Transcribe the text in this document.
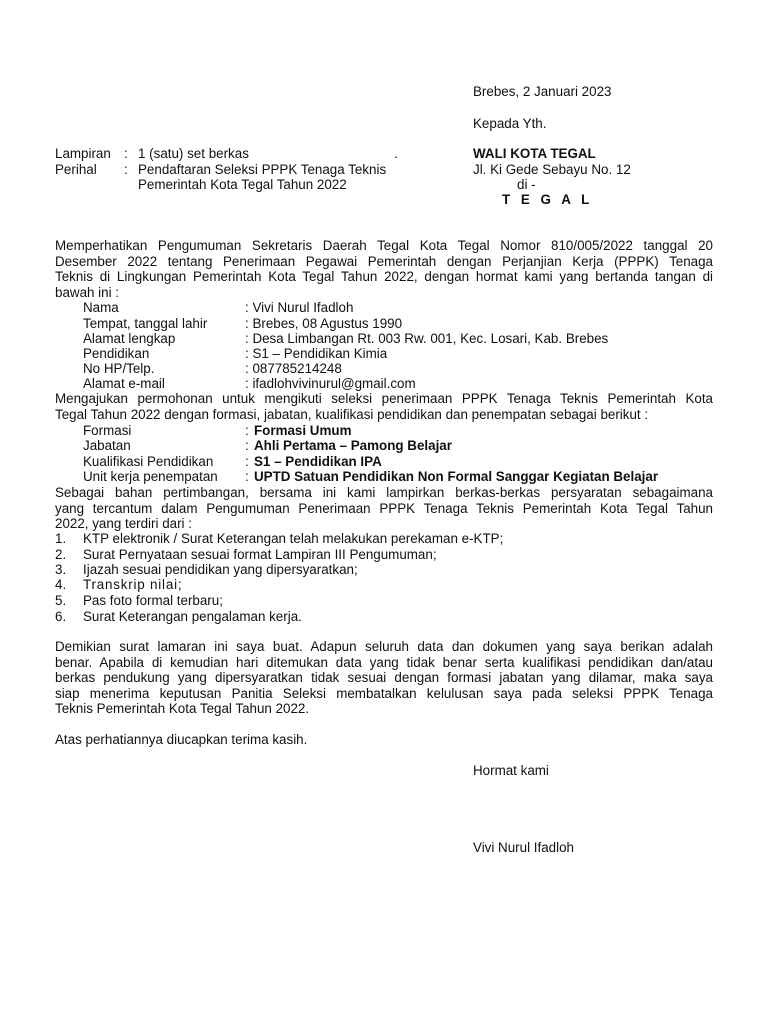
Brebes, 2 Januari 2023
Kepada Yth.
WALI KOTA TEGAL
Jl. Ki Gede Sebayu No. 12
di -
T E G A L
Lampiran : 1 (satu) set berkas	.
Perihal : Pendaftaran Seleksi PPPK Tenaga Teknis
Pemerintah Kota Tegal Tahun 2022
Memperhatikan Pengumuman Sekretaris Daerah Tegal Kota Tegal Nomor 810/005/2022 tanggal 20
Desember 2022 tentang Penerimaan Pegawai Pemerintah dengan Perjanjian Kerja (PPPK) Tenaga
Teknis di Lingkungan Pemerintah Kota Tegal Tahun 2022, dengan hormat kami yang bertanda tangan di
bawah ini :
Nama	: Vivi Nurul Ifadloh
Tempat, tanggal lahir	: Brebes, 08 Agustus 1990
Alamat lengkap	: Desa Limbangan Rt. 003 Rw. 001, Kec. Losari, Kab. Brebes
Pendidikan	: S1 – Pendidikan Kimia
No HP/Telp.	: 087785214248
Alamat e-mail	: ifadlohvivinurul@gmail.com
Mengajukan permohonan untuk mengikuti seleksi penerimaan PPPK Tenaga Teknis Pemerintah Kota
Tegal Tahun 2022 dengan formasi, jabatan, kualifikasi pendidikan dan penempatan sebagai berikut :
Formasi	: Formasi Umum
Jabatan	: Ahli Pertama – Pamong Belajar
Kualifikasi Pendidikan : S1 – Pendidikan IPA
Unit kerja penempatan : UPTD Satuan Pendidikan Non Formal Sanggar Kegiatan Belajar
Sebagai bahan pertimbangan, bersama ini kami lampirkan berkas-berkas persyaratan sebagaimana
yang tercantum dalam Pengumuman Penerimaan PPPK Tenaga Teknis Pemerintah Kota Tegal Tahun
2022, yang terdiri dari :
1. KTP elektronik / Surat Keterangan telah melakukan perekaman e-KTP;
2. Surat Pernyataan sesuai format Lampiran III Pengumuman;
3. Ijazah sesuai pendidikan yang dipersyaratkan;
4. Transkrip nilai;
5. Pas foto formal terbaru;
6. Surat Keterangan pengalaman kerja.
Demikian surat lamaran ini saya buat. Adapun seluruh data dan dokumen yang saya berikan adalah
benar. Apabila di kemudian hari ditemukan data yang tidak benar serta kualifikasi pendidikan dan/atau
berkas pendukung yang dipersyaratkan tidak sesuai dengan formasi jabatan yang dilamar, maka saya
siap menerima keputusan Panitia Seleksi membatalkan kelulusan saya pada seleksi PPPK Tenaga
Teknis Pemerintah Kota Tegal Tahun 2022.
Atas perhatiannya diucapkan terima kasih.
Hormat kami
Vivi Nurul Ifadloh
